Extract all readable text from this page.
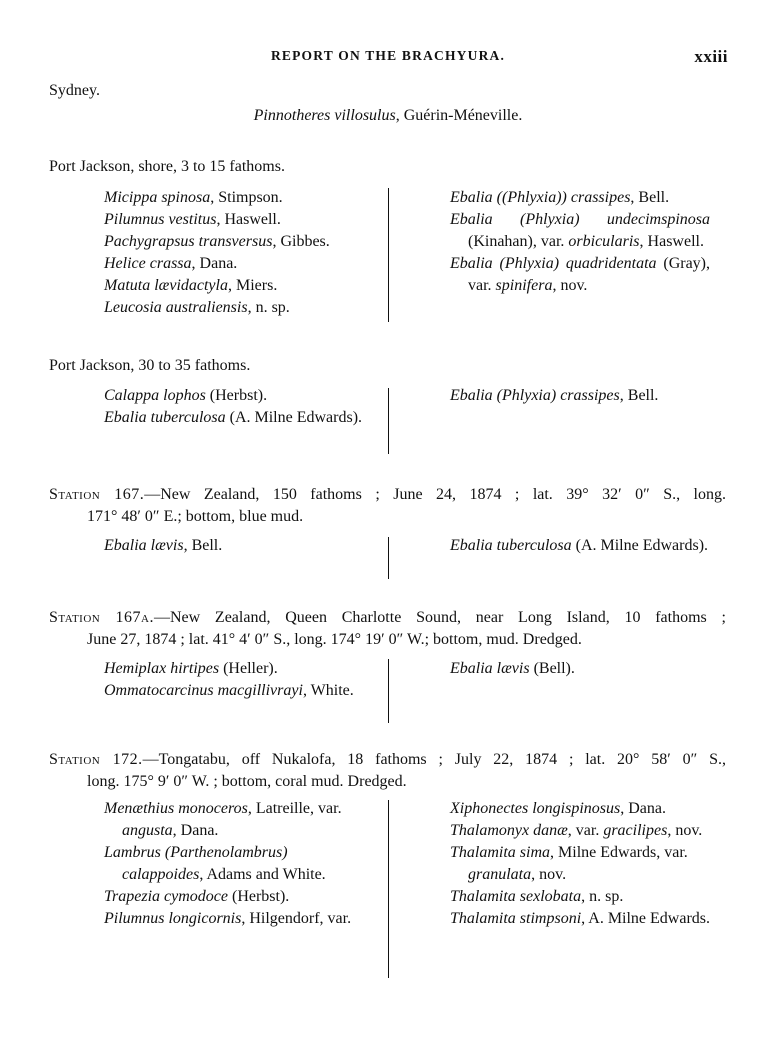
REPORT ON THE BRACHYURA.	xxiii
Sydney.
Pinnotheres villosulus, Guérin-Méneville.
Port Jackson, shore, 3 to 15 fathoms.
Micippa spinosa, Stimpson.
Pilumnus vestitus, Haswell.
Pachygrapsus transversus, Gibbes.
Helice crassa, Dana.
Matuta lævidactyla, Miers.
Leucosia australiensis, n. sp.
Ebalia ((Phlyxia)) crassipes, Bell.
Ebalia (Phlyxia) undecimspinosa (Kinahan), var. orbicularis, Haswell.
Ebalia (Phlyxia) quadridentata (Gray), var. spinifera, nov.
Port Jackson, 30 to 35 fathoms.
Calappa lophos (Herbst).
Ebalia tuberculosa (A. Milne Edwards).
Ebalia (Phlyxia) crassipes, Bell.
Station 167.—New Zealand, 150 fathoms ; June 24, 1874 ; lat. 39° 32′ 0″ S., long.
171° 48′ 0″ E.; bottom, blue mud.
Ebalia lævis, Bell.	Ebalia tuberculosa (A. Milne Edwards).
Station 167a.—New Zealand, Queen Charlotte Sound, near Long Island, 10 fathoms ;
June 27, 1874 ; lat. 41° 4′ 0″ S., long. 174° 19′ 0″ W.; bottom, mud. Dredged.
Hemiplax hirtipes (Heller).
Ommatocarcinus macgillivrayi, White.
Ebalia lævis (Bell).
Station 172.—Tongatabu, off Nukalofa, 18 fathoms ; July 22, 1874 ; lat. 20° 58′ 0″ S.,
long. 175° 9′ 0″ W. ; bottom, coral mud. Dredged.
Menæthius monoceros, Latreille, var. angusta, Dana.
Lambrus (Parthenolambrus) calappoides, Adams and White.
Trapezia cymodoce (Herbst).
Pilumnus longicornis, Hilgendorf, var.
Xiphonectes longispinosus, Dana.
Thalamonyx danæ, var. gracilipes, nov.
Thalamita sima, Milne Edwards, var. granulata, nov.
Thalamita sexlobata, n. sp.
Thalamita stimpsoni, A. Milne Edwards.
